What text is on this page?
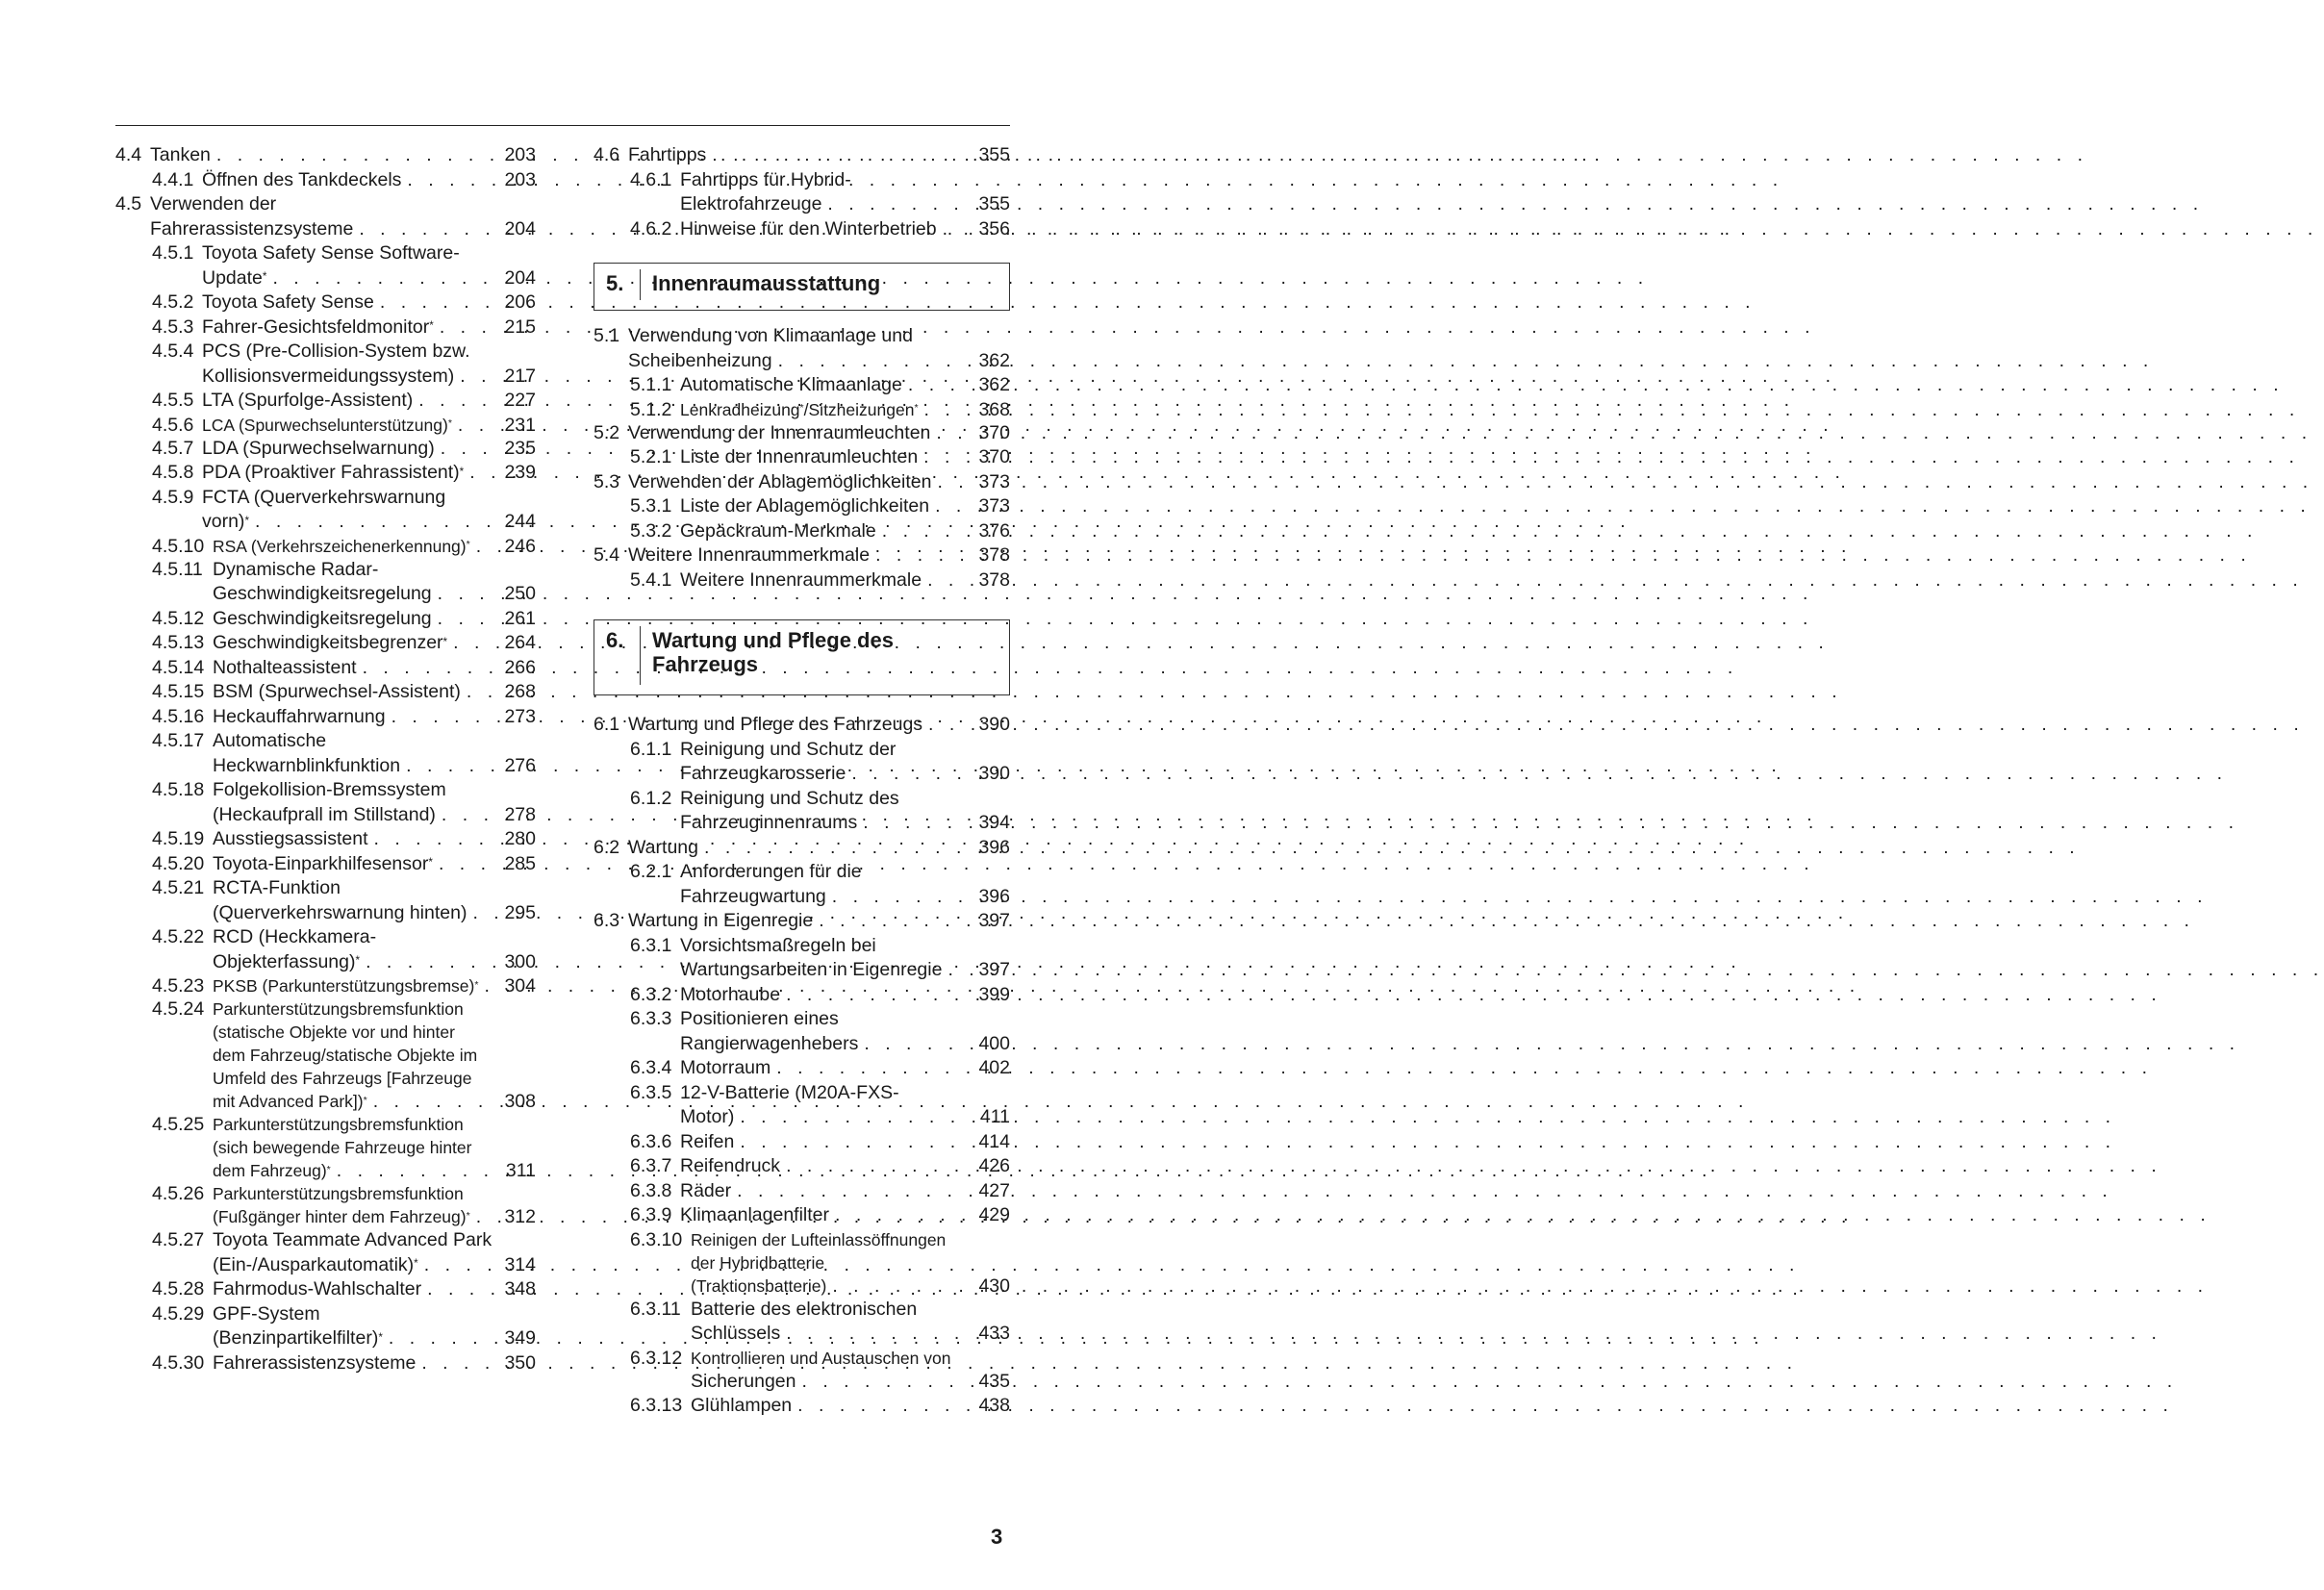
4.4 Tanken . . .	203
4.4.1 Öffnen des Tankdeckels . . .	203
4.5 Verwenden der
Fahrerassistenzsysteme . . .	204
4.5.1 Toyota Safety Sense Software-
Update* . . .	204
4.5.2 Toyota Safety Sense . . .	206
4.5.3 Fahrer-Gesichtsfeldmonitor* . . .	215
4.5.4 PCS (Pre-Collision-System bzw.
Kollisionsvermeidungssystem) . . .	217
4.5.5 LTA (Spurfolge-Assistent) . . .	227
4.5.6 LCA (Spurwechselunterstützung)* . . .	231
4.5.7 LDA (Spurwechselwarnung) . . .	235
4.5.8 PDA (Proaktiver Fahrassistent)* . . . 239
4.5.9 FCTA (Querverkehrswarnung
vorn)* . . .	244
4.5.10 RSA (Verkehrszeichenerkennung)* . . . 246
4.5.11 Dynamische Radar-
Geschwindigkeitsregelung . . .	250
4.5.12 Geschwindigkeitsregelung . . .	261
4.5.13 Geschwindigkeitsbegrenzer* . . .	264
4.5.14 Nothalteassistent . . .	266
4.5.15 BSM (Spurwechsel-Assistent) . . . 268
4.5.16 Heckauffahrwarnung . . .	273
4.5.17 Automatische
Heckwarnblinkfunktion . . .	276
4.5.18 Folgekollision-Bremssystem
(Heckaufprall im Stillstand) . . .	278
4.5.19 Ausstiegsassistent . . .	280
4.5.20 Toyota-Einparkhilfesensor* . . .	285
4.5.21 RCTA-Funktion
(Querverkehrswarnung hinten) . . . 295
4.5.22 RCD (Heckkamera-
Objekterfassung)* . . .	300
4.5.23 PKSB (Parkunterstützungsbremse)* . . . 304
4.5.24 Parkunterstützungsbremsfunktion
(statische Objekte vor und hinter
dem Fahrzeug/statische Objekte im
Umfeld des Fahrzeugs [Fahrzeuge
mit Advanced Park])* . . .	308
4.5.25 Parkunterstützungsbremsfunktion
(sich bewegende Fahrzeuge hinter
dem Fahrzeug)* . . .	311
4.5.26 Parkunterstützungsbremsfunktion
(Fußgänger hinter dem Fahrzeug)* . . . 312
4.5.27 Toyota Teammate Advanced Park
(Ein-/Ausparkautomatik)* . . .	314
4.5.28 Fahrmodus-Wahlschalter . . .	348
4.5.29 GPF-System
(Benzinpartikelfilter)* . . .	349
4.5.30 Fahrerassistenzsysteme . . .	350
4.6 Fahrtipps . . .	355
4.6.1 Fahrtipps für Hybrid-
Elektrofahrzeuge . . .	355
4.6.2 Hinweise für den Winterbetrieb . . . 356
5.	Innenraumausstattung
5.1 Verwendung von Klimaanlage und
Scheibenheizung . . .	362
5.1.1 Automatische Klimaanlage . . .	362
5.1.2 Lenkradheizung*/Sitzheizungen* . . .	368
5.2 Verwendung der Innenraumleuchten . . .	370
5.2.1 Liste der Innenraumleuchten . . .	370
5.3 Verwenden der Ablagemöglichkeiten . . .	373
5.3.1 Liste der Ablagemöglichkeiten . . .	373
5.3.2 Gepäckraum-Merkmale . . .	376
5.4 Weitere Innenraummerkmale . . .	378
5.4.1 Weitere Innenraummerkmale . . .	378
6.	Wartung und Pflege des
Fahrzeugs
6.1 Wartung und Pflege des Fahrzeugs . . .	390
6.1.1 Reinigung und Schutz der
Fahrzeugkarosserie . . .	390
6.1.2 Reinigung und Schutz des
Fahrzeuginnenraums . . .	394
6.2 Wartung . . .	396
6.2.1 Anforderungen für die
Fahrzeugwartung . . .	396
6.3 Wartung in Eigenregie . . .	397
6.3.1 Vorsichtsmaßregeln bei
Wartungsarbeiten in Eigenregie . . . 397
6.3.2 Motorhaube . . .	399
6.3.3 Positionieren eines
Rangierwagenhebers . . .	400
6.3.4 Motorraum . . .	402
6.3.5 12-V-Batterie (M20A-FXS-
Motor) . . .	411
6.3.6 Reifen . . .	414
6.3.7 Reifendruck . . .	426
6.3.8 Räder . . .	427
6.3.9 Klimaanlagenfilter . . .	429
6.3.10 Reinigen der Lufteinlassöffnungen
der Hybridbatterie
(Traktionsbatterie) . . .	430
6.3.11 Batterie des elektronischen
Schlüssels . . .	433
6.3.12 Kontrollieren und Austauschen von
Sicherungen . . .	435
6.3.13 Glühlampen . . .	438
3
